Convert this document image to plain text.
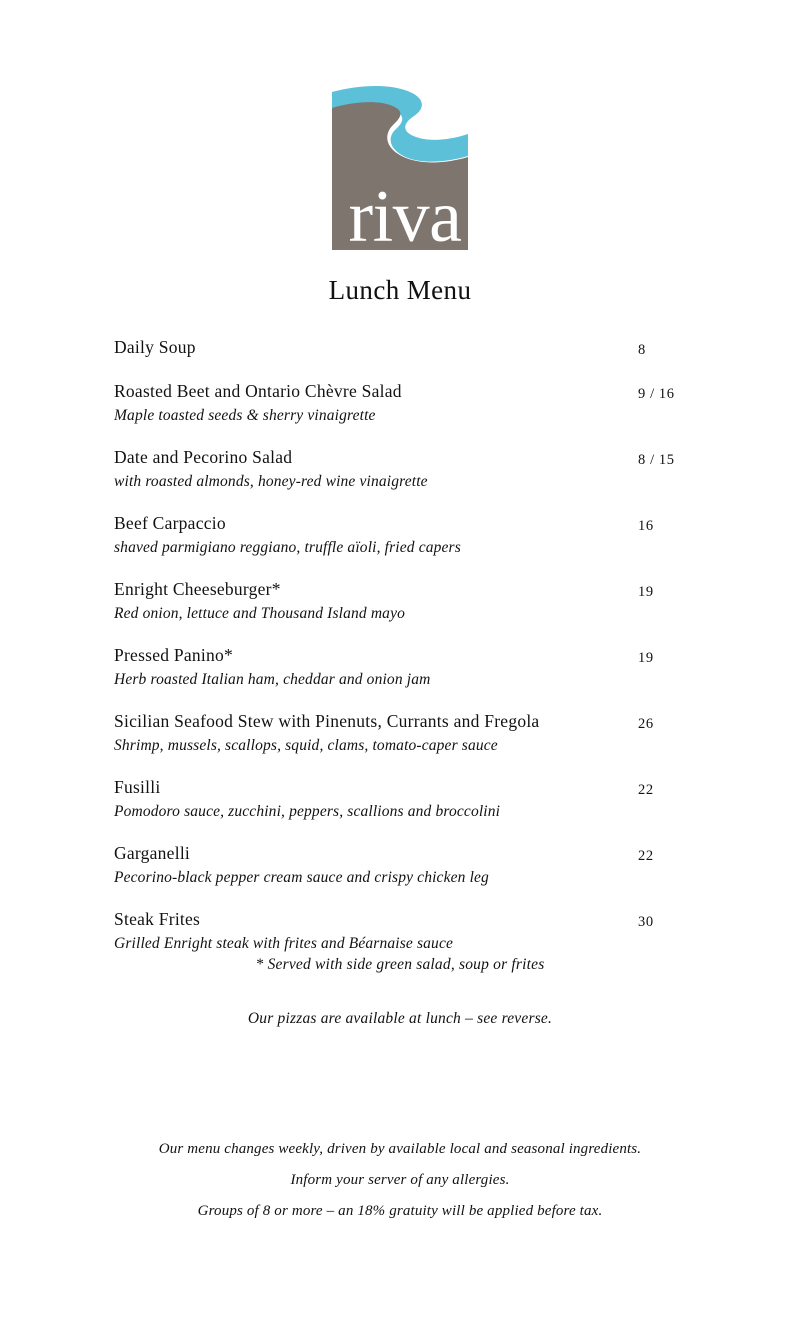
riva
Lunch Menu
Daily Soup	8
Roasted Beet and Ontario Chèvre Salad	9 / 16
Maple toasted seeds & sherry vinaigrette
Date and Pecorino Salad	8 / 15
with roasted almonds, honey-red wine vinaigrette
Beef Carpaccio	16
shaved parmigiano reggiano, truffle aïoli, fried capers
Enright Cheeseburger*	19
Red onion, lettuce and Thousand Island mayo
Pressed Panino*	19
Herb roasted Italian ham, cheddar and onion jam
Sicilian Seafood Stew with Pinenuts, Currants and Fregola	26
Shrimp, mussels, scallops, squid, clams, tomato-caper sauce
Fusilli	22
Pomodoro sauce, zucchini, peppers, scallions and broccolini
Garganelli	22
Pecorino-black pepper cream sauce and crispy chicken leg
Steak Frites	30
Grilled Enright steak with frites and Béarnaise sauce
* Served with side green salad, soup or frites
Our pizzas are available at lunch – see reverse.
Our menu changes weekly, driven by available local and seasonal ingredients.
Inform your server of any allergies.
Groups of 8 or more – an 18% gratuity will be applied before tax.
